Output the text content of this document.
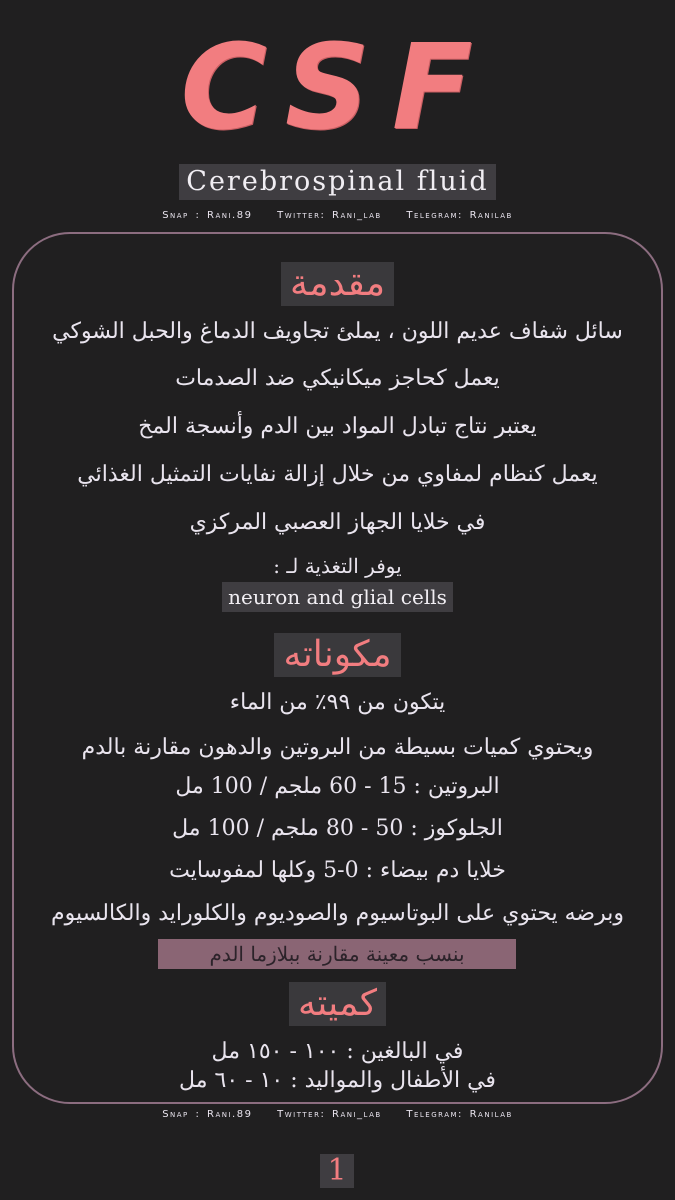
CSF
Cerebrospinal fluid
Snap : Rani.89 Twitter: Rani_lab Telegram: Ranilab
مقدمة
سائل شفاف عديم اللون ، يملئ تجاويف الدماغ والحبل الشوكي
يعمل كحاجز ميكانيكي ضد الصدمات
يعتبر نتاج تبادل المواد بين الدم وأنسجة المخ
يعمل كنظام لمفاوي من خلال إزالة نفايات التمثيل الغذائي
في خلايا الجهاز العصبي المركزي
يوفر التغذية لـ :
neuron and glial cells
مكوناته
يتكون من ٩٩٪ من الماء
ويحتوي كميات بسيطة من البروتين والدهون مقارنة بالدم
البروتين : 15 - 60 ملجم / 100 مل
الجلوكوز : 50 - 80 ملجم / 100 مل
خلايا دم بيضاء : 0-5 وكلها لمفوسايت
وبرضه يحتوي على البوتاسيوم والصوديوم والكلورايد والكالسيوم
بنسب معينة مقارنة ببلازما الدم
كميته
في البالغين : ١٠٠ - ١٥٠ مل
في الأطفال والمواليد : ١٠ - ٦٠ مل
Snap : Rani.89 Twitter: Rani_lab Telegram: Ranilab
1
